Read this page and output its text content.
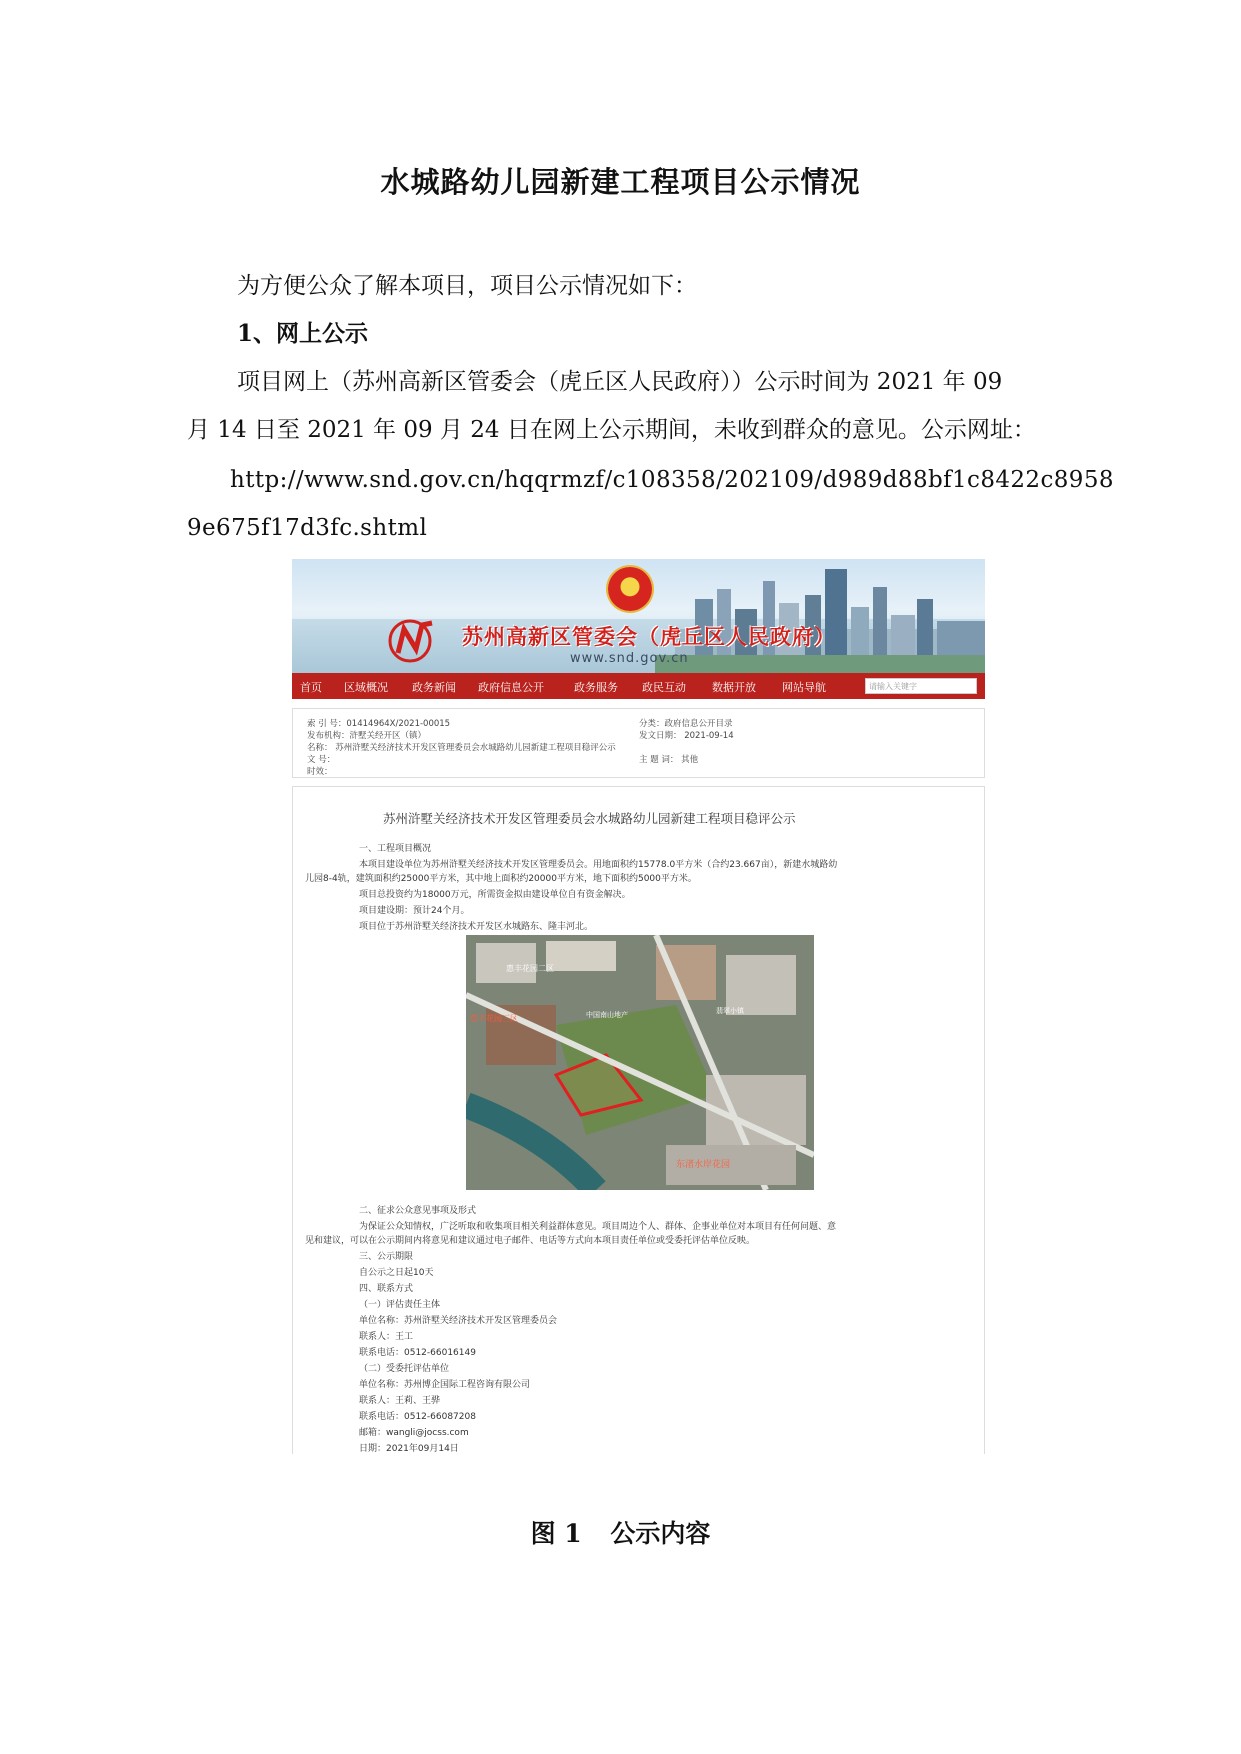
水城路幼儿园新建工程项目公示情况
为方便公众了解本项目，项目公示情况如下：
1、网上公示
项目网上（苏州高新区管委会（虎丘区人民政府））公示时间为 2021 年 09
月 14 日至 2021 年 09 月 24 日在网上公示期间，未收到群众的意见。公示网址：
http://www.snd.gov.cn/hqqrmzf/c108358/202109/d989d88bf1c8422c8958
9e675f17d3fc.shtml
苏州高新区管委会（虎丘区人民政府）
www.snd.gov.cn
首页 区域概况 政务新闻 政府信息公开	政务服务 政民互动 数据开放 网站导航	请输入关键字
索 引 号：01414964X/2021-00015	分类：政府信息公开目录
发布机构：浒墅关经开区（镇）	发文日期： 2021-09-14
名称： 苏州浒墅关经济技术开发区管理委员会水城路幼儿园新建工程项目稳评公示
文 号：	主 题 词： 其他
时效：
苏州浒墅关经济技术开发区管理委员会水城路幼儿园新建工程项目稳评公示
一、工程项目概况
本项目建设单位为苏州浒墅关经济技术开发区管理委员会。用地面积约15778.0平方米（合约23.667亩），新建水城路幼
儿园8-4轨，建筑面积约25000平方米，其中地上面积约20000平方米，地下面积约5000平方米。
项目总投资约为18000万元，所需资金拟由建设单位自有资金解决。
项目建设期：预计24个月。
项目位于苏州浒墅关经济技术开发区水城路东、隆丰河北。
惠丰花园二区
惠丰花园三区	中国南山地产	翡翠小镇
东渚水岸花园
二、征求公众意见事项及形式
为保证公众知情权，广泛听取和收集项目相关利益群体意见。项目周边个人、群体、企事业单位对本项目有任何问题、意
见和建议，可以在公示期间内将意见和建议通过电子邮件、电话等方式向本项目责任单位或受委托评估单位反映。
三、公示期限
自公示之日起10天
四、联系方式
（一）评估责任主体
单位名称：苏州浒墅关经济技术开发区管理委员会
联系人：王工
联系电话：0512-66016149
（二）受委托评估单位
单位名称：苏州博企国际工程咨询有限公司
联系人：王莉、王骅
联系电话：0512-66087208
邮箱：wangli@jocss.com
日期：2021年09月14日
图 1 公示内容
